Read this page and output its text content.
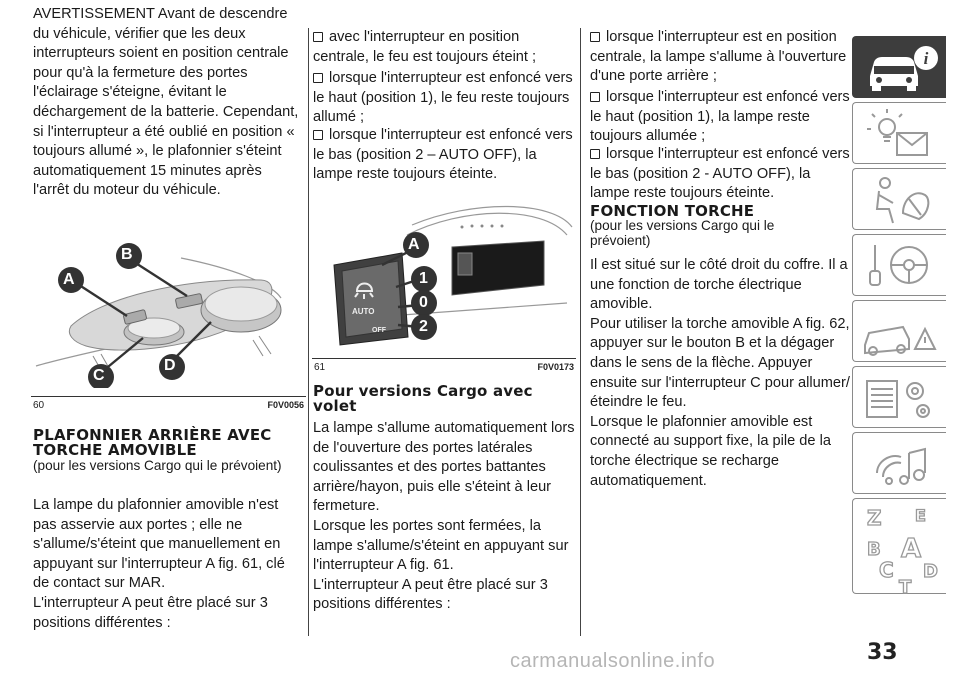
AVERTISSEMENT Avant de descendre du véhicule, vérifier que les deux interrupteurs soient en position centrale pour qu'à la fermeture des portes l'éclairage s'éteigne, évitant le déchargement de la batterie. Cependant, si l'interrupteur a été oublié en position « toujours allumé », le plafonnier s'éteint automatiquement 15 minutes après l'arrêt du moteur du véhicule.

A
B
C
D
60	F0V0056
PLAFONNIER ARRIÈRE AVEC TORCHE AMOVIBLE
(pour les versions Cargo qui le prévoient)

La lampe du plafonnier amovible n'est pas asservie aux portes ; elle ne s'allume/s'éteint que manuellement en appuyant sur l'interrupteur A fig. 61, clé de contact sur MAR.
L'interrupteur A peut être placé sur 3 positions différentes :

avec l'interrupteur en position centrale, le feu est toujours éteint ;

lorsque l'interrupteur est enfoncé vers le haut (position 1), le feu reste toujours allumé ;

lorsque l'interrupteur est enfoncé vers le bas (position 2 – AUTO OFF), la lampe reste toujours éteinte.

A
1
0
2
AUTO
OFF
61	F0V0173
Pour versions Cargo avec volet

La lampe s'allume automatiquement lors de l'ouverture des portes latérales coulissantes et des portes battantes arrière/hayon, puis elle s'éteint à leur fermeture.
Lorsque les portes sont fermées, la lampe s'allume/s'éteint en appuyant sur l'interrupteur A fig. 61.
L'interrupteur A peut être placé sur 3 positions différentes :

lorsque l'interrupteur est en position centrale, la lampe s'allume à l'ouverture d'une porte arrière ;

lorsque l'interrupteur est enfoncé vers le haut (position 1), la lampe reste toujours allumée ;

lorsque l'interrupteur est enfoncé vers le bas (position 2 - AUTO OFF), la lampe reste toujours éteinte.

FONCTION TORCHE
(pour les versions Cargo qui le prévoient)

Il est situé sur le côté droit du coffre. Il a une fonction de torche électrique amovible.
Pour utiliser la torche amovible A fig. 62, appuyer sur le bouton B et la dégager dans le sens de la flèche. Appuyer ensuite sur l'interrupteur C pour allumer/éteindre le feu.
Lorsque le plafonnier amovible est connecté au support fixe, la pile de la torche électrique se recharge automatiquement.

i
Z E
B A
C D
T
33
carmanualsonline.info
